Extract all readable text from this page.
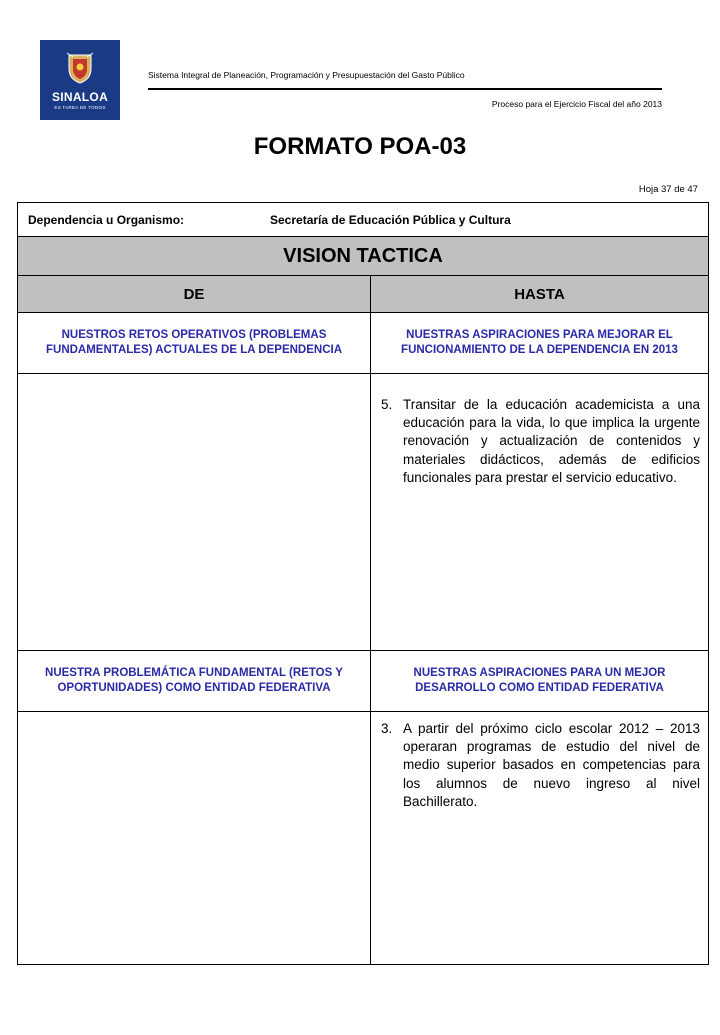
SINALOA
ES TAREA DE TODOS
Sistema Integral de Planeación, Programación y Presupuestación del Gasto Público
Proceso para el Ejercicio Fiscal del año 2013
FORMATO POA-03
Hoja 37 de 47
Dependencia u Organismo: Secretaría de Educación Pública y Cultura	
VISION TACTICA	
DE	HASTA
NUESTROS RETOS OPERATIVOS (PROBLEMAS FUNDAMENTALES) ACTUALES DE LA DEPENDENCIA	NUESTRAS ASPIRACIONES PARA MEJORAR EL FUNCIONAMIENTO DE LA DEPENDENCIA EN 2013

	5. Transitar de la educación academicista a una educación para la vida, lo que implica la urgente renovación y actualización de contenidos y materiales didácticos, además de edificios funcionales para prestar el servicio educativo.

NUESTRA PROBLEMÁTICA FUNDAMENTAL (RETOS Y OPORTUNIDADES) COMO ENTIDAD FEDERATIVA	NUESTRAS ASPIRACIONES PARA UN MEJOR DESARROLLO COMO ENTIDAD FEDERATIVA

	3. A partir del próximo ciclo escolar 2012 – 2013 operaran programas de estudio del nivel de medio superior basados en competencias para los alumnos de nuevo ingreso al nivel Bachillerato.
